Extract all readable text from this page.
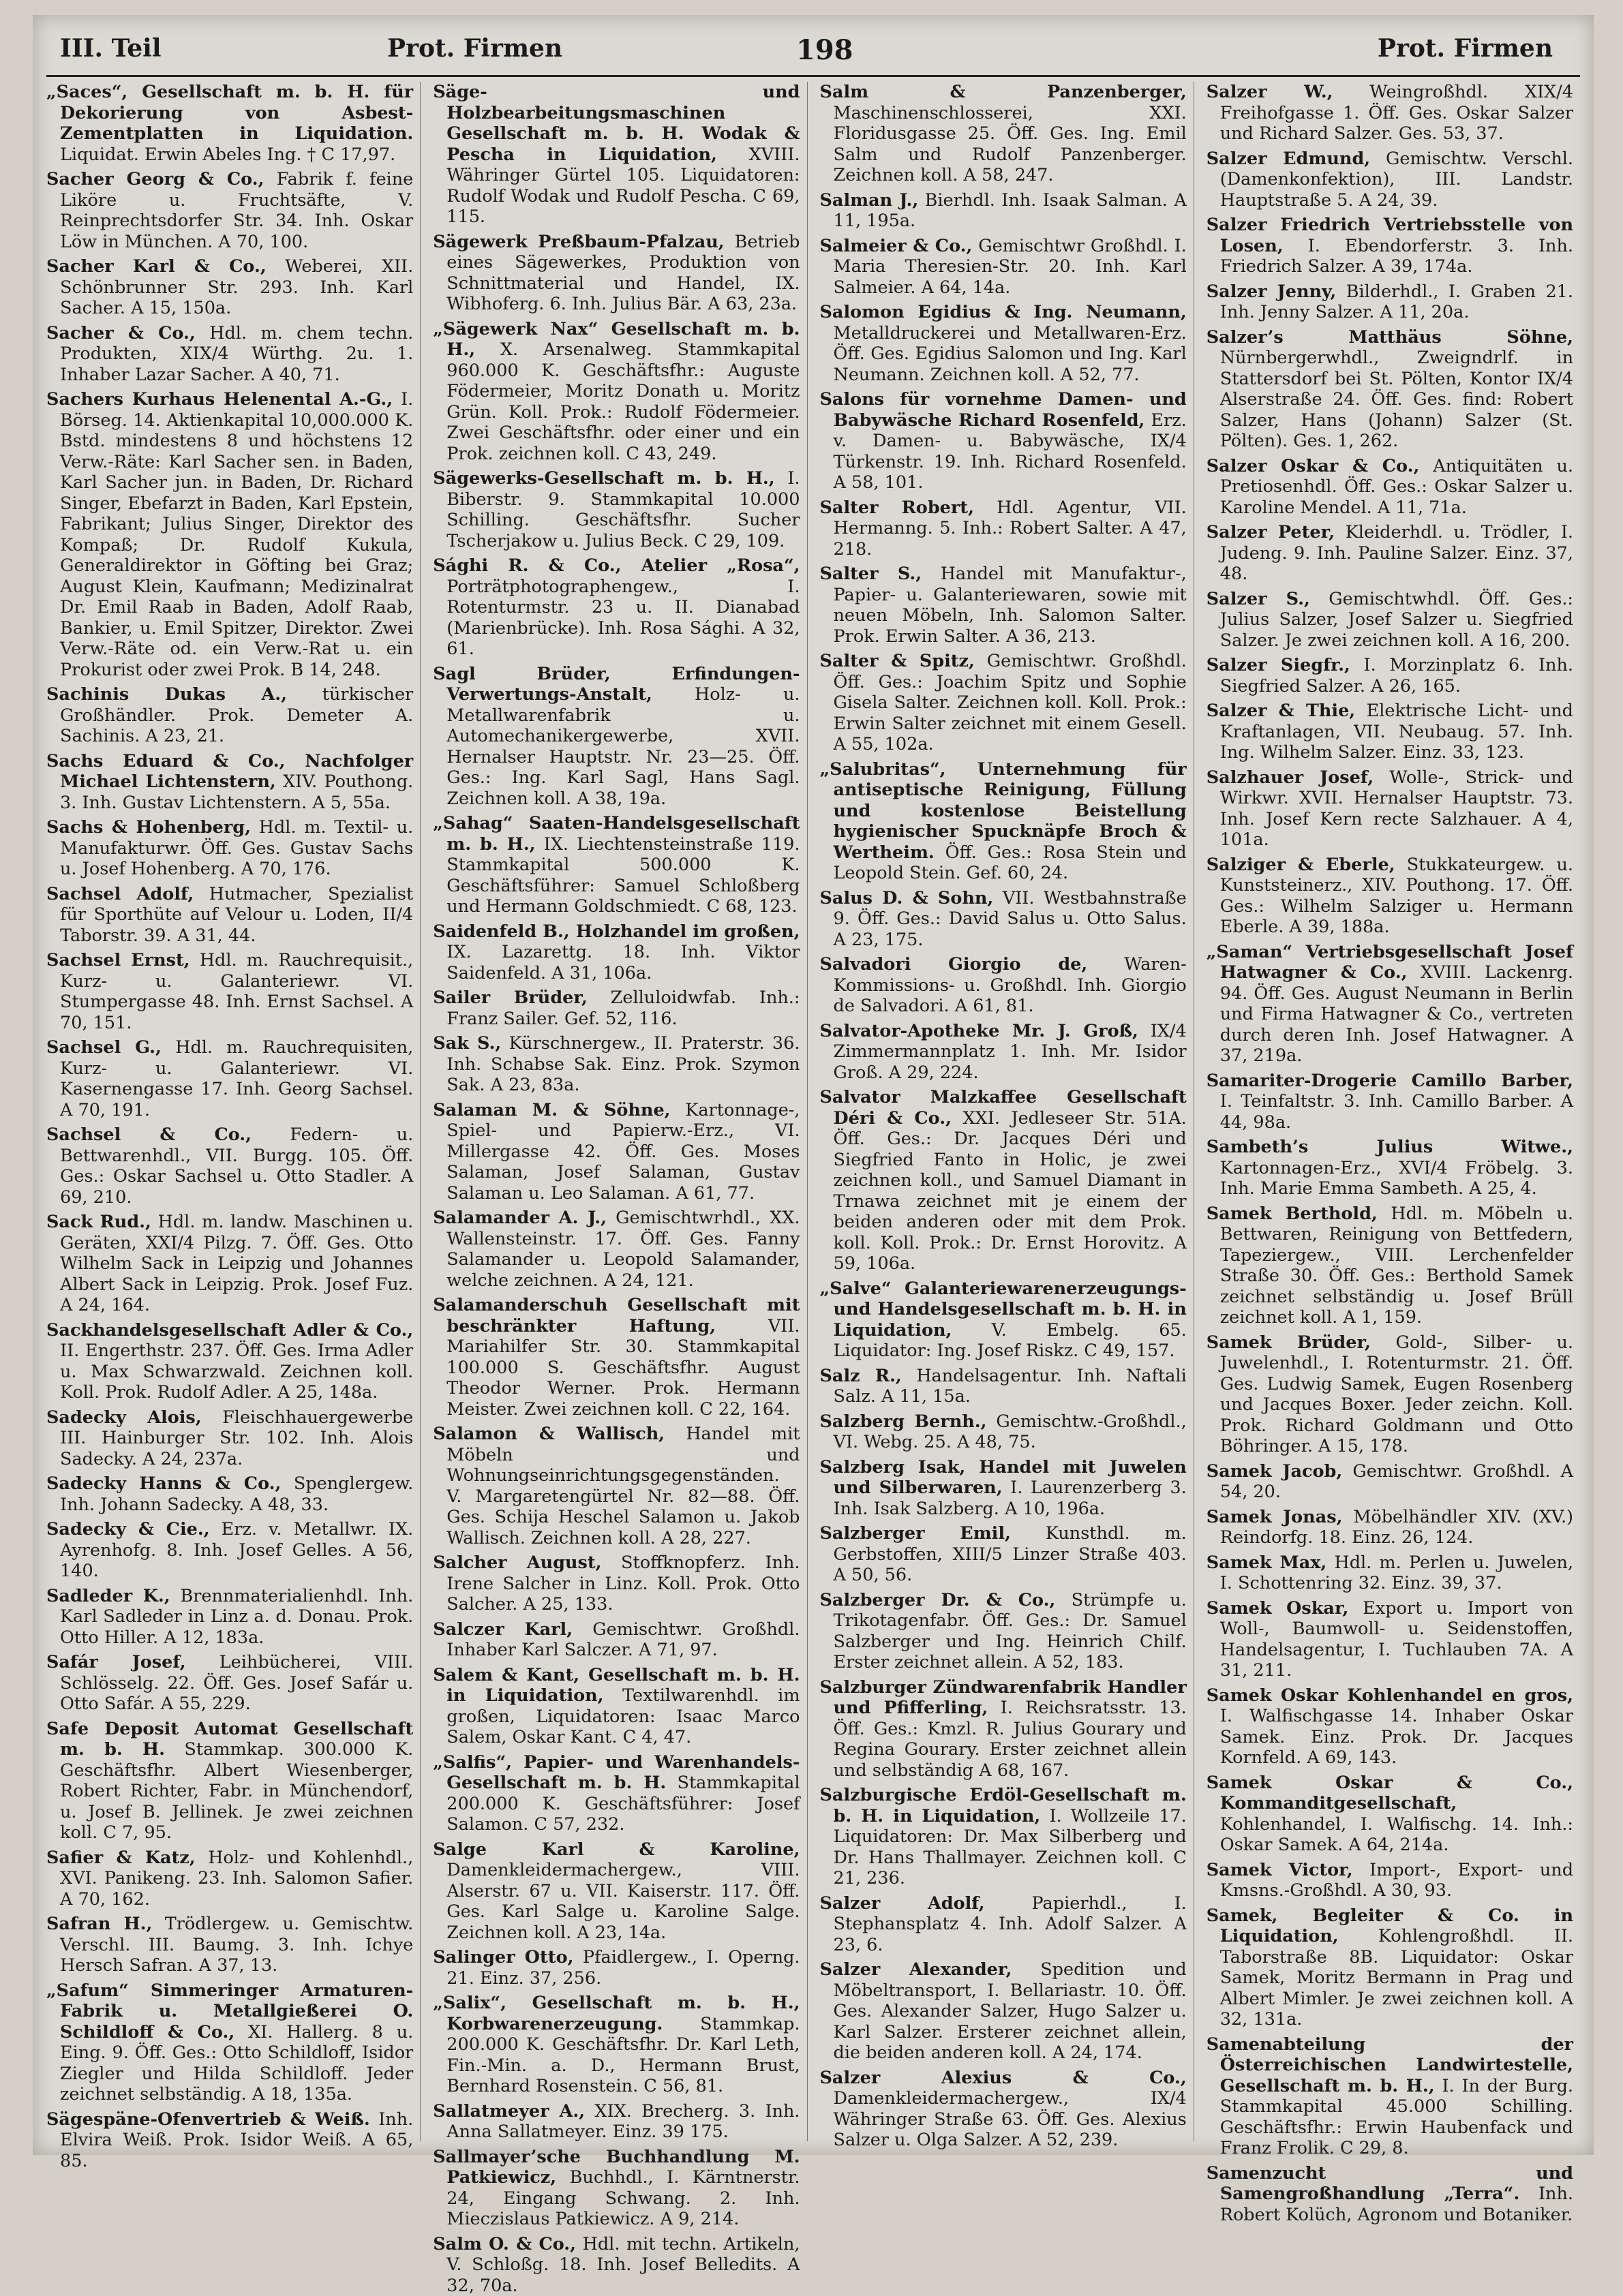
III. Teil	Prot. Firmen	198	Prot. Firmen

„Saces“, Gesellschaft m. b. H. für Dekorierung von Asbest-Zementplatten in Liquidation. Liquidat. Erwin Abeles Ing. † C 17,97.

Sacher Georg & Co., Fabrik f. feine Liköre u. Fruchtsäfte, V. Reinprechtsdorfer Str. 34. Inh. Oskar Löw in München. A 70, 100.

Sacher Karl & Co., Weberei, XII. Schönbrunner Str. 293. Inh. Karl Sacher. A 15, 150a.

Sacher & Co., Hdl. m. chem techn. Produkten, XIX/4 Würthg. 2u. 1. Inhaber Lazar Sacher. A 40, 71.

Sachers Kurhaus Helenental A.-G., I. Börseg. 14. Aktienkapital 10,000.000 K. Bstd. mindestens 8 und höchstens 12 Verw.-Räte: Karl Sacher sen. in Baden, Karl Sacher jun. in Baden, Dr. Richard Singer, Ebefarzt in Baden, Karl Epstein, Fabrikant; Julius Singer, Direktor des Kompaß; Dr. Rudolf Kukula, Generaldirektor in Göfting bei Graz; August Klein, Kaufmann; Medizinalrat Dr. Emil Raab in Baden, Adolf Raab, Bankier, u. Emil Spitzer, Direktor. Zwei Verw.-Räte od. ein Verw.-Rat u. ein Prokurist oder zwei Prok. B 14, 248.

Sachinis Dukas A., türkischer Großhändler. Prok. Demeter A. Sachinis. A 23, 21.

Sachs Eduard & Co., Nachfolger Michael Lichtenstern, XIV. Pouthong. 3. Inh. Gustav Lichtenstern. A 5, 55a.

Sachs & Hohenberg, Hdl. m. Textil- u. Manufakturwr. Öff. Ges. Gustav Sachs u. Josef Hohenberg. A 70, 176.

Sachsel Adolf, Hutmacher, Spezialist für Sporthüte auf Velour u. Loden, II/4 Taborstr. 39. A 31, 44.

Sachsel Ernst, Hdl. m. Rauchrequisit., Kurz- u. Galanteriewr. VI. Stumpergasse 48. Inh. Ernst Sachsel. A 70, 151.

Sachsel G., Hdl. m. Rauchrequisiten, Kurz- u. Galanteriewr. VI. Kasernengasse 17. Inh. Georg Sachsel. A 70, 191.

Sachsel & Co., Federn- u. Bettwarenhdl., VII. Burgg. 105. Öff. Ges.: Oskar Sachsel u. Otto Stadler. A 69, 210.

Sack Rud., Hdl. m. landw. Maschinen u. Geräten, XXI/4 Pilzg. 7. Öff. Ges. Otto Wilhelm Sack in Leipzig und Johannes Albert Sack in Leipzig. Prok. Josef Fuz. A 24, 164.

Sackhandelsgesellschaft Adler & Co., II. Engerthstr. 237. Öff. Ges. Irma Adler u. Max Schwarzwald. Zeichnen koll. Koll. Prok. Rudolf Adler. A 25, 148a.

Sadecky Alois, Fleischhauergewerbe III. Hainburger Str. 102. Inh. Alois Sadecky. A 24, 237a.

Sadecky Hanns & Co., Spenglergew. Inh. Johann Sadecky. A 48, 33.

Sadecky & Cie., Erz. v. Metallwr. IX. Ayrenhofg. 8. Inh. Josef Gelles. A 56, 140.

Sadleder K., Brennmaterialienhdl. Inh. Karl Sadleder in Linz a. d. Donau. Prok. Otto Hiller. A 12, 183a.

Safár Josef, Leihbücherei, VIII. Schlösselg. 22. Öff. Ges. Josef Safár u. Otto Safár. A 55, 229.

Safe Deposit Automat Gesellschaft m. b. H. Stammkap. 300.000 K. Geschäftsfhr. Albert Wiesenberger, Robert Richter, Fabr. in Münchendorf, u. Josef B. Jellinek. Je zwei zeichnen koll. C 7, 95.

Safier & Katz, Holz- und Kohlenhdl., XVI. Panikeng. 23. Inh. Salomon Safier. A 70, 162.

Safran H., Trödlergew. u. Gemischtw. Verschl. III. Baumg. 3. Inh. Ichye Hersch Safran. A 37, 13.

„Safum“ Simmeringer Armaturen-Fabrik u. Metallgießerei O. Schildloff & Co., XI. Hallerg. 8 u. Eing. 9. Öff. Ges.: Otto Schildloff, Isidor Ziegler und Hilda Schildloff. Jeder zeichnet selbständig. A 18, 135a.

Sägespäne-Ofenvertrieb & Weiß. Inh. Elvira Weiß. Prok. Isidor Weiß. A 65, 85.

Säge- und Holzbearbeitungsmaschinen Gesellschaft m. b. H. Wodak & Pescha in Liquidation, XVIII. Währinger Gürtel 105. Liquidatoren: Rudolf Wodak und Rudolf Pescha. C 69, 115.

Sägewerk Preßbaum-Pfalzau, Betrieb eines Sägewerkes, Produktion von Schnittmaterial und Handel, IX. Wibhoferg. 6. Inh. Julius Bär. A 63, 23a.

„Sägewerk Nax“ Gesellschaft m. b. H., X. Arsenalweg. Stammkapital 960.000 K. Geschäftsfhr.: Auguste Födermeier, Moritz Donath u. Moritz Grün. Koll. Prok.: Rudolf Födermeier. Zwei Geschäftsfhr. oder einer und ein Prok. zeichnen koll. C 43, 249.

Sägewerks-Gesellschaft m. b. H., I. Biberstr. 9. Stammkapital 10.000 Schilling. Geschäftsfhr. Sucher Tscherjakow u. Julius Beck. C 29, 109.

Sághi R. & Co., Atelier „Rosa“, Porträtphotographengew., I. Rotenturmstr. 23 u. II. Dianabad (Marienbrücke). Inh. Rosa Sághi. A 32, 61.

Sagl Brüder, Erfindungen-Verwertungs-Anstalt, Holz- u. Metallwarenfabrik u. Automechanikergewerbe, XVII. Hernalser Hauptstr. Nr. 23—25. Öff. Ges.: Ing. Karl Sagl, Hans Sagl. Zeichnen koll. A 38, 19a.

„Sahag“ Saaten-Handelsgesellschaft m. b. H., IX. Liechtensteinstraße 119. Stammkapital 500.000 K. Geschäftsführer: Samuel Schloßberg und Hermann Goldschmiedt. C 68, 123.

Saidenfeld B., Holzhandel im großen, IX. Lazarettg. 18. Inh. Viktor Saidenfeld. A 31, 106a.

Sailer Brüder, Zelluloidwfab. Inh.: Franz Sailer. Gef. 52, 116.

Sak S., Kürschnergew., II. Praterstr. 36. Inh. Schabse Sak. Einz. Prok. Szymon Sak. A 23, 83a.

Salaman M. & Söhne, Kartonnage-, Spiel- und Papierw.-Erz., VI. Millergasse 42. Öff. Ges. Moses Salaman, Josef Salaman, Gustav Salaman u. Leo Salaman. A 61, 77.

Salamander A. J., Gemischtwrhdl., XX. Wallensteinstr. 17. Öff. Ges. Fanny Salamander u. Leopold Salamander, welche zeichnen. A 24, 121.

Salamanderschuh Gesellschaft mit beschränkter Haftung,	VII. Mariahilfer Str. 30. Stammkapital 100.000 S. Geschäftsfhr. August Theodor Werner. Prok. Hermann Meister. Zwei zeichnen koll. C 22, 164.

Salamon & Wallisch, Handel mit Möbeln und Wohnungseinrichtungsgegenständen. V. Margaretengürtel Nr. 82—88. Öff. Ges. Schija Heschel Salamon u. Jakob Wallisch. Zeichnen koll. A 28, 227.

Salcher August, Stoffknopferz. Inh. Irene Salcher in Linz. Koll. Prok. Otto Salcher. A 25, 133.

Salczer Karl, Gemischtwr. Großhdl. Inhaber Karl Salczer. A 71, 97.

Salem & Kant, Gesellschaft m. b. H. in Liquidation, Textilwarenhdl. im großen, Liquidatoren: Isaac Marco Salem, Oskar Kant. C 4, 47.

„Salfis“, Papier- und Warenhandels-Gesellschaft m. b. H. Stammkapital 200.000 K. Geschäftsführer: Josef Salamon. C 57, 232.

Salge Karl & Karoline, Damenkleidermachergew., VIII. Alserstr. 67 u. VII. Kaiserstr. 117. Öff. Ges. Karl Salge u. Karoline Salge. Zeichnen koll. A 23, 14a.

Salinger Otto, Pfaidlergew., I. Operng. 21. Einz. 37, 256.

„Salix“, Gesellschaft m. b. H., Korbwarenerzeugung. Stammkap. 200.000 K. Geschäftsfhr. Dr. Karl Leth, Fin.-Min. a. D., Hermann Brust, Bernhard Rosenstein. C 56, 81.

Sallatmeyer A., XIX. Brecherg. 3. Inh. Anna Sallatmeyer. Einz. 39 175.

Sallmayer’sche Buchhandlung M. Patkiewicz, Buchhdl., I. Kärntnerstr. 24, Eingang Schwang. 2. Inh. Mieczislaus Patkiewicz. A 9, 214.

Salm O. & Co., Hdl. mit techn. Artikeln, V. Schloßg. 18. Inh. Josef Belledits. A 32, 70a.

Salm & Panzenberger, Maschinenschlosserei, XXI. Floridusgasse 25. Öff. Ges. Ing. Emil Salm und Rudolf Panzenberger. Zeichnen koll. A 58, 247.

Salman J., Bierhdl. Inh. Isaak Salman. A 11, 195a.

Salmeier & Co., Gemischtwr Großhdl. I. Maria Theresien-Str. 20. Inh. Karl Salmeier. A 64, 14a.

Salomon Egidius & Ing. Neumann, Metalldruckerei und Metallwaren-Erz. Öff. Ges. Egidius Salomon und Ing. Karl Neumann. Zeichnen koll. A 52, 77.

Salons für vornehme Damen- und Babywäsche Richard Rosenfeld, Erz. v. Damen- u. Babywäsche, IX/4 Türkenstr. 19. Inh. Richard Rosenfeld. A 58, 101.

Salter Robert, Hdl. Agentur, VII. Hermanng. 5. Inh.: Robert Salter. A 47, 218.

Salter S., Handel mit Manufaktur-, Papier- u. Galanteriewaren, sowie mit neuen Möbeln, Inh. Salomon Salter. Prok. Erwin Salter. A 36, 213.

Salter & Spitz, Gemischtwr. Großhdl. Öff. Ges.: Joachim Spitz und Sophie Gisela Salter. Zeichnen koll. Koll. Prok.: Erwin Salter zeichnet mit einem Gesell. A 55, 102a.

„Salubritas“, Unternehmung für antiseptische Reinigung, Füllung und kostenlose Beistellung hygienischer Spucknäpfe Broch & Wertheim. Öff. Ges.: Rosa Stein und Leopold Stein. Gef. 60, 24.

Salus D. & Sohn, VII. Westbahnstraße 9. Öff. Ges.: David Salus u. Otto Salus. A 23, 175.

Salvadori Giorgio de, Waren-Kommissions- u. Großhdl. Inh. Giorgio de Salvadori. A 61, 81.

Salvator-Apotheke Mr. J. Groß, IX/4 Zimmermannplatz 1. Inh. Mr. Isidor Groß. A 29, 224.

Salvator Malzkaffee Gesellschaft Déri & Co., XXI. Jedleseer Str. 51A. Öff. Ges.: Dr. Jacques Déri und Siegfried Fanto in Holic, je zwei zeichnen koll., und Samuel Diamant in Trnawa zeichnet mit je einem der beiden anderen oder mit dem Prok. koll. Koll. Prok.: Dr. Ernst Horovitz. A 59, 106a.

„Salve“ Galanteriewarenerzeugungs- und Handelsgesellschaft m. b. H. in Liquidation, V. Embelg. 65. Liquidator: Ing. Josef Riskz. C 49, 157.

Salz R., Handelsagentur. Inh. Naftali Salz. A 11, 15a.

Salzberg Bernh., Gemischtw.-Großhdl., VI. Webg. 25. A 48, 75.

Salzberg Isak, Handel mit Juwelen und Silberwaren, I. Laurenzerberg 3. Inh. Isak Salzberg. A 10, 196a.

Salzberger Emil, Kunsthdl. m. Gerbstoffen, XIII/5 Linzer Straße 403. A 50, 56.

Salzberger Dr. & Co., Strümpfe u. Trikotagenfabr. Öff. Ges.: Dr. Samuel Salzberger und Ing. Heinrich Chilf. Erster zeichnet allein. A 52, 183.

Salzburger Zündwarenfabrik Handler und Pfifferling, I. Reichsratsstr. 13. Öff. Ges.: Kmzl. R. Julius Gourary und Regina Gourary. Erster zeichnet allein und selbständig A 68, 167.

Salzburgische Erdöl-Gesellschaft m. b. H. in Liquidation, I. Wollzeile 17. Liquidatoren: Dr. Max Silberberg und Dr. Hans Thallmayer. Zeichnen koll. C 21, 236.

Salzer Adolf,	Papierhdl., I. Stephansplatz 4. Inh. Adolf Salzer. A 23, 6.

Salzer Alexander, Spedition und Möbeltransport, I. Bellariastr. 10. Öff. Ges. Alexander Salzer, Hugo Salzer u. Karl Salzer. Ersterer zeichnet allein, die beiden anderen koll. A 24, 174.

Salzer Alexius & Co., Damenkleidermachergew., IX/4 Währinger Straße 63. Öff. Ges. Alexius Salzer u. Olga Salzer. A 52, 239.

Salzer W., Weingroßhdl. XIX/4 Freihofgasse 1. Öff. Ges. Oskar Salzer und Richard Salzer. Ges. 53, 37.

Salzer Edmund, Gemischtw. Verschl. (Damenkonfektion), III. Landstr. Hauptstraße 5. A 24, 39.

Salzer Friedrich Vertriebsstelle von Losen, I. Ebendorferstr. 3. Inh. Friedrich Salzer. A 39, 174a.

Salzer Jenny, Bilderhdl., I. Graben 21. Inh. Jenny Salzer. A 11, 20a.

Salzer’s Matthäus Söhne, Nürnbergerwhdl., Zweigndrlf. in Stattersdorf bei St. Pölten, Kontor IX/4 Alserstraße 24. Öff. Ges. find: Robert Salzer, Hans (Johann) Salzer (St. Pölten). Ges. 1, 262.

Salzer Oskar & Co., Antiquitäten u. Pretiosenhdl. Öff. Ges.: Oskar Salzer u. Karoline Mendel. A 11, 71a.

Salzer Peter, Kleiderhdl. u. Trödler, I. Judeng. 9. Inh. Pauline Salzer. Einz. 37, 48.

Salzer S., Gemischtwhdl. Öff. Ges.: Julius Salzer, Josef Salzer u. Siegfried Salzer. Je zwei zeichnen koll. A 16, 200.

Salzer Siegfr., I. Morzinplatz 6. Inh. Siegfried Salzer. A 26, 165.

Salzer & Thie, Elektrische Licht- und Kraftanlagen, VII. Neubaug. 57. Inh. Ing. Wilhelm Salzer. Einz. 33, 123.

Salzhauer Josef, Wolle-, Strick- und Wirkwr. XVII. Hernalser Hauptstr. 73. Inh. Josef Kern recte Salzhauer. A 4, 101a.

Salziger & Eberle, Stukkateurgew. u. Kunststeinerz., XIV. Pouthong. 17. Öff. Ges.: Wilhelm Salziger u. Hermann Eberle. A 39, 188a.

„Saman“ Vertriebsgesellschaft Josef Hatwagner & Co., XVIII. Lackenrg. 94. Öff. Ges. August Neumann in Berlin und Firma Hatwagner & Co., vertreten durch deren Inh. Josef Hatwagner. A 37, 219a.

Samariter-Drogerie Camillo Barber, I. Teinfaltstr. 3. Inh. Camillo Barber. A 44, 98a.

Sambeth’s Julius Witwe., Kartonnagen-Erz., XVI/4 Fröbelg. 3. Inh. Marie Emma Sambeth. A 25, 4.

Samek Berthold, Hdl. m. Möbeln u. Bettwaren, Reinigung von Bettfedern, Tapeziergew., VIII. Lerchenfelder Straße 30. Öff. Ges.: Berthold Samek zeichnet selbständig u. Josef Brüll zeichnet koll. A 1, 159.

Samek Brüder, Gold-, Silber- u. Juwelenhdl., I. Rotenturmstr. 21. Öff. Ges. Ludwig Samek, Eugen Rosenberg und Jacques Boxer. Jeder zeichn. Koll. Prok. Richard Goldmann und Otto Böhringer. A 15, 178.

Samek Jacob, Gemischtwr. Großhdl. A 54, 20.

Samek Jonas, Möbelhändler XIV. (XV.) Reindorfg. 18. Einz. 26, 124.

Samek Max, Hdl. m. Perlen u. Juwelen, I. Schottenring 32. Einz. 39, 37.

Samek Oskar, Export u. Import von Woll-, Baumwoll- u. Seidenstoffen, Handelsagentur, I. Tuchlauben 7A. A 31, 211.

Samek Oskar Kohlenhandel en gros, I. Walfischgasse 14. Inhaber Oskar Samek. Einz. Prok. Dr. Jacques Kornfeld. A 69, 143.

Samek Oskar & Co., Kommanditgesellschaft, Kohlenhandel, I. Walfischg. 14. Inh.: Oskar Samek. A 64, 214a.

Samek Victor, Import-, Export- und Kmsns.-Großhdl. A 30, 93.

Samek, Begleiter & Co. in Liquidation, Kohlengroßhdl. II. Taborstraße 8B. Liquidator: Oskar Samek, Moritz Bermann in Prag und Albert Mimler. Je zwei zeichnen koll. A 32, 131a.

Samenabteilung der Österreichischen Landwirtestelle, Gesellschaft m. b. H., I. In der Burg. Stammkapital 45.000 Schilling. Geschäftsfhr.: Erwin Haubenfack und Franz Frolik. C 29, 8.

Samenzucht und Samengroßhandlung „Terra“. Inh. Robert Kolüch, Agronom und Botaniker.
